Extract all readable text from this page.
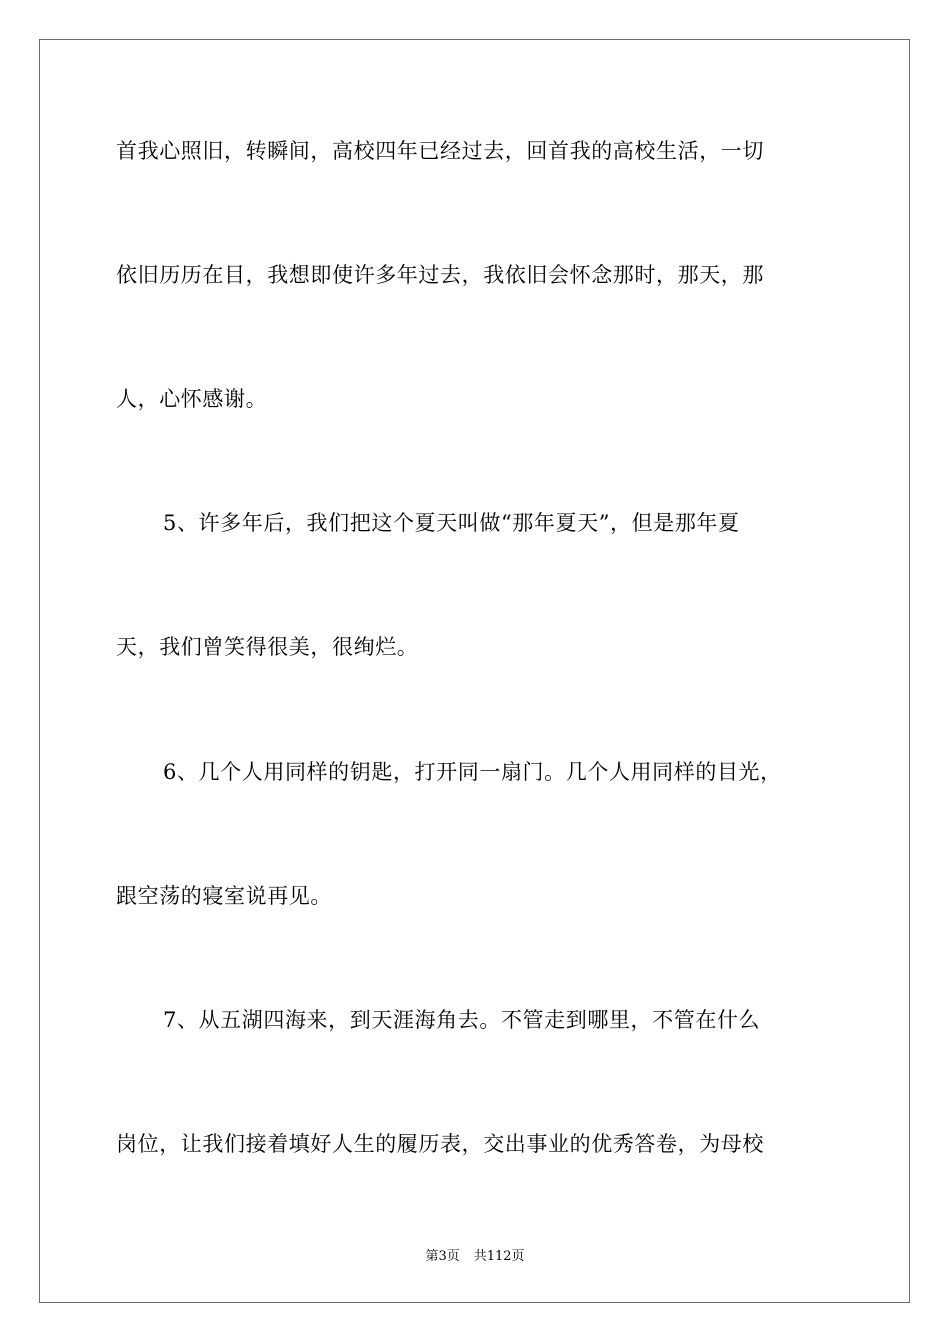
首我心照旧，转瞬间，高校四年已经过去，回首我的高校生活，一切
依旧历历在目，我想即使许多年过去，我依旧会怀念那时，那天，那
人，心怀感谢。
5、许多年后，我们把这个夏天叫做“那年夏天”，但是那年夏
天，我们曾笑得很美，很绚烂。
6、几个人用同样的钥匙，打开同一扇门。几个人用同样的目光，
跟空荡的寝室说再见。
7、从五湖四海来，到天涯海角去。不管走到哪里，不管在什么
岗位，让我们接着填好人生的履历表，交出事业的优秀答卷，为母校
第3页 共112页
